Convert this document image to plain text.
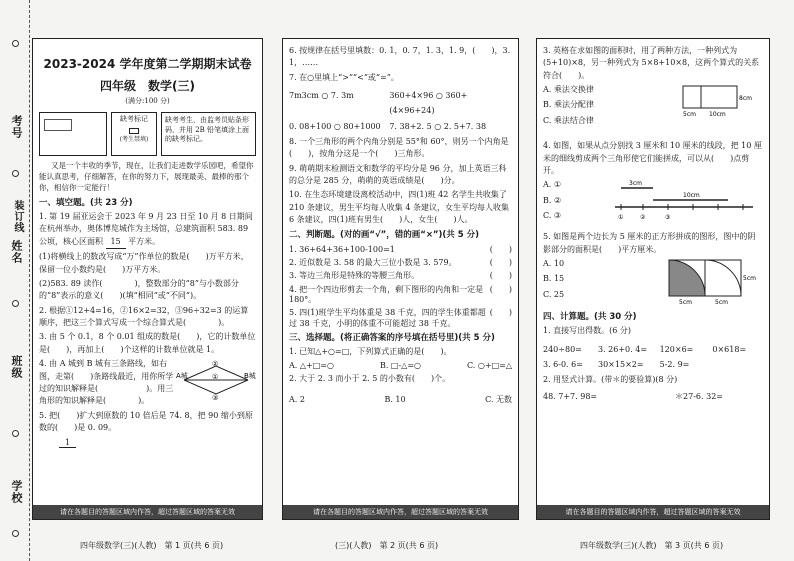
考号
姓名
班级
学校
装订线
2023-2024 学年度第二学期期末试卷
四年级　数学(三)
(满分:100 分)
缺考标记
(考生禁填)
缺考考生，由监考员贴条形码，并用 2B 铅笔填涂上面的缺考标记。
又是一个丰收的季节，现在，让我们走进数学乐园吧，希望你能认真思考，仔细解答，在你的努力下，展现最美、最棒的那个你，相信你一定能行！
一、填空题。(共 23 分)
1. 第 19 届亚运会于 2023 年 9 月 23 日至 10 月 8 日期间在杭州举办，奥体博览城作为主场馆，总建筑面积 583. 89 公顷，核心区面积 15 平方米。
(1)将横线上的数改写成“万”作单位的数是(　　)万平方米，保留一位小数约是(　　)万平方米。
(2)583. 89 读作(　　　　)，整数部分的“8”与小数部分的“8”表示的意义(　　)(填“相同”或“不同”)。
2. 根据①12+4=16，②16×2=32，③96÷32=3 的运算顺序，把这三个算式写成一个综合算式是(　　　　)。
3. 由 5 个 0.1，8 个 0.01 组成的数是(　　)，它的计数单位是(　　)，再加上(　　)个这样的计数单位就是 1。
4. 由 A 城到 B 城有三条路线，如右图，走第(　　)条路线最近，用你所学过的知识解释是(　　　　　　)。用三角形的知识解释是(　　　　)。
A城	B城
②
①
③
5. 把(　　)扩大到原数的 10 倍后是 74. 8，把 90 缩小到原数的(　　)是 0. 09。
1
请在各题目的答题区域内作答，超过答题区域的答案无效
四年级数学(三)(人教)　第 1 页(共 6 页)
6. 按规律在括号里填数：0. 1，0. 7，1. 3，1. 9，(　　)，3. 1，……
7. 在○里填上“>”“<”或“=”。
7m3cm ○ 7. 3m	360+4×96 ○ 360+(4×96+24)
0. 08+100 ○ 80+1000	7. 38+2. 5 ○ 2. 5+7. 38
8. 一个三角形的两个内角分别是 55°和 60°，则另一个内角是(　　)，按角分这是一个(　　)三角形。
9. 萌萌期末检测语文和数学的平均分是 96 分，加上英语三科的总分是 285 分，萌萌的英语成绩是(　　)分。
10. 在生态环境建设离校活动中，四(1)班 42 名学生共收集了 210 条建议，男生平均每人收集 4 条建议，女生平均每人收集 6 条建议，四(1)班有男生(　　)人，女生(　　)人。
二、判断题。(对的画“√”，错的画“×”)(共 5 分)
1. 36+64+36+100-100=1	(　　)
2. 近似数是 3. 58 的最大三位小数是 3. 579。	(　　)
3. 等边三角形是特殊的等腰三角形。	(　　)
4. 把一个四边形剪去一个角，剩下图形的内角和一定是 180°。
(　　)
5. 四(1)班学生平均体重是 38 千克，四的学生体重都超过 38 千克，小明的体重不可能超过 38 千克。
(　　)
三、选择题。(将正确答案的序号填在括号里)(共 5 分)
1. 已知△+○=□，下列算式正确的是(　　)。
A. △+□=○	B. □-△=○	C. ○+□=△
2. 大于 2. 3 而小于 2. 5 的小数有(　　)个。
A. 2	B. 10	C. 无数
请在各题目的答题区域内作答，超过答题区域的答案无效
(三)(人教)　第 2 页(共 6 页)
3. 英格在求如图的面积时，用了两种方法，一种列式为(5+10)×8，另一种列式为 5×8+10×8，这两个算式的关系符合(　　)。
A. 乘法交换律
B. 乘法分配律
C. 乘法结合律
8cm
5cm 10cm
4. 如图，如果从点分别找 3 厘米和 10 厘米的线段，把 10 厘米的细线剪成两个三角形使它们能拼成，可以从(　　)点剪开。
A. ①
B. ②
C. ③
3cm
10cm
①	②	③
5. 如图是两个边长为 5 厘米的正方形拼成的图形，图中的阴影部分的面积是(　　)平方厘米。
A. 10
B. 15
C. 25
5cm
5cm	5cm
四、计算题。(共 30 分)
1. 直接写出得数。(6 分)
240÷80=	3. 26+0. 4=	120×6=	0×618=
3. 6-0. 6=	30×15×2=	5-2. 9=
2. 用竖式计算。(带＊的要验算)(8 分)
48. 7+7. 98=	＊27-6. 32=
请在各题目的答题区域内作答，超过答题区域的答案无效
四年级数学(三)(人教)　第 3 页(共 6 页)
